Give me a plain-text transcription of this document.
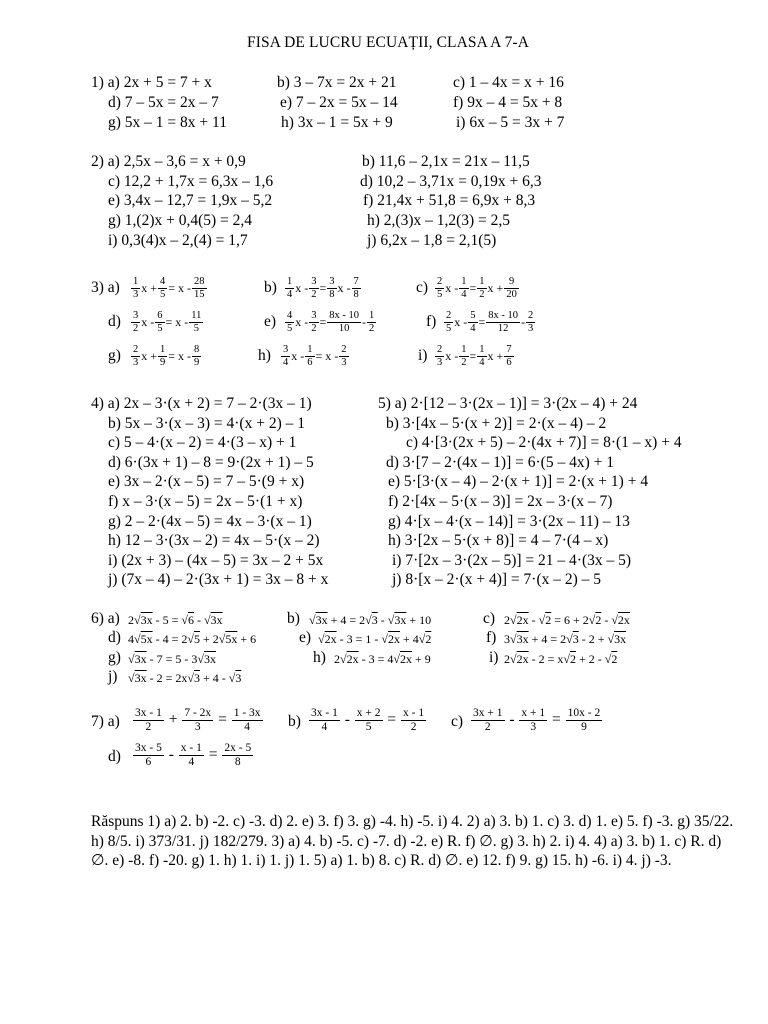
FISA DE LUCRU ECUAȚII, CLASA A 7-A
1) a) 2x + 5 = 7 + x	b) 3 – 7x = 2x + 21	c) 1 – 4x = x + 16
d) 7 – 5x = 2x – 7	e) 7 – 2x = 5x – 14	f) 9x – 4 = 5x + 8
g) 5x – 1 = 8x + 11	h) 3x – 1 = 5x + 9	i) 6x – 5 = 3x + 7
2) a) 2,5x – 3,6 = x + 0,9	b) 11,6 – 2,1x = 21x – 11,5
c) 12,2 + 1,7x = 6,3x – 1,6	d) 10,2 – 3,71x = 0,19x + 6,3
e) 3,4x – 12,7 = 1,9x – 5,2	f) 21,4x + 51,8 = 6,9x + 8,3
g) 1,(2)x + 0,4(5) = 2,4	h) 2,(3)x – 1,2(3) = 2,5
i) 0,3(4)x – 2,(4) = 1,7	j) 6,2x – 1,8 = 2,1(5)
3) $a) \frac{1}{3}$ $x + \frac{4}{5} = x - \frac{28}{15}$	$b) \frac{1}{4}$ $x - \frac{3}{2} = \frac{3}{8}$ x - $\frac{7}{8}$	$c) \frac{2}{5}$ $x - \frac{1}{4} = \frac{1}{2}$ $x + \frac{9}{20}$
$d) \frac{3}{2}$ $x - \frac{6}{5} = x - \frac{11}{5}$	$e) \frac{4}{5}$ $x - \frac{3}{2} = \frac{8x - 10}{10} - \frac{1}{2}$	$f) \frac{2}{5}$ $x - \frac{5}{4} = \frac{8x - 10}{12} - \frac{2}{3}$
$g) \frac{2}{3}$ $x + \frac{1}{9} = x - \frac{8}{9}$	$h) \frac{3}{4}$ $x - \frac{1}{6} = x - \frac{2}{3}$	$i) \frac{2}{3}$ $x - \frac{1}{2} = \frac{1}{4}$ $x + \frac{7}{6}$
4) a) 2x – 3·(x + 2) = 7 – 2·(3x – 1)	5) a) 2·[12 – 3·(2x – 1)] = 3·(2x – 4) + 24
b) 5x – 3·(x – 3) = 4·(x + 2) – 1	b) 3·[4x – 5·(x + 2)] = 2·(x – 4) – 2
c) 5 – 4·(x – 2) = 4·(3 – x) + 1	c) 4·[3·(2x + 5) – 2·(4x + 7)] = 8·(1 – x) + 4
d) 6·(3x + 1) – 8 = 9·(2x + 1) – 5	d) 3·[7 – 2·(4x – 1)] = 6·(5 – 4x) + 1
e) 3x – 2·(x – 5) = 7 – 5·(9 + x)	e) 5·[3·(x – 4) – 2·(x + 1)] = 2·(x + 1) + 4
f) x – 3·(x – 5) = 2x – 5·(1 + x)	f) 2·[4x – 5·(x – 3)] = 2x – 3·(x – 7)
g) 2 – 2·(4x – 5) = 4x – 3·(x – 1)	g) 4·[x – 4·(x – 14)] = 3·(2x – 11) – 13
h) 12 – 3·(3x – 2) = 4x – 5·(x – 2)	h) 3·[2x – 5·(x + 8)] = 4 – 7·(4 – x)
i) (2x + 3) – (4x – 5) = 3x – 2 + 5x	i) 7·[2x – 3·(2x – 5)] = 21 – 4·(3x – 5)
j) (7x – 4) – 2·(3x + 1) = 3x – 8 + x	j) 8·[x – 2·(x + 4)] = 7·(x – 2) – 5
6) a) 2√3x - 5 = √6 - √3x	b) √3x + 4 = 2√3 - √3x + 10	c) 2√2x - √2 = 6 + 2√2 - √2x
d) 4√5x - 4 = 2√5 + 2√5x + 6	e) √2x - 3 = 1 - √2x + 4√2	f) 3√3x + 4 = 2√3 - 2 + √3x
g) √3x - 7 = 5 - 3√3x	h) 2√2x - 3 = 4√2x + 9	i) 2√2x - 2 = x√2 + 2 - √2
j) √3x - 2 = 2x√3 + 4 - √3
7) $a) \frac{3x - 1}{2} + \frac{7 - 2x}{3} = \frac{1 - 3x}{4} b) \frac{3x - 1}{4} - \frac{x + 2}{5} = \frac{x - 1}{2} c) \frac{3x + 1}{2} - \frac{x + 1}{3} = \frac{10x - 2}{9}$
$d) \frac{3x - 5}{6} - \frac{x - 1}{4} = \frac{2x - 5}{8}$
Răspuns 1) a) 2. b) -2. c) -3. d) 2. e) 3. f) 3. g) -4. h) -5. i) 4. 2) a) 3. b) 1. c) 3. d) 1. e) 5. f) -3. g) 35/22. h) 8/5. i) 373/31. j) 182/279. 3) a) 4. b) -5. c) -7. d) -2. e) R. f) ∅. g) 3. h) 2. i) 4. 4) a) 3. b) 1. c) R. d) ∅. e) -8. f) -20. g) 1. h) 1. i) 1. j) 1. 5) a) 1. b) 8. c) R. d) ∅. e) 12. f) 9. g) 15. h) -6. i) 4. j) -3.
